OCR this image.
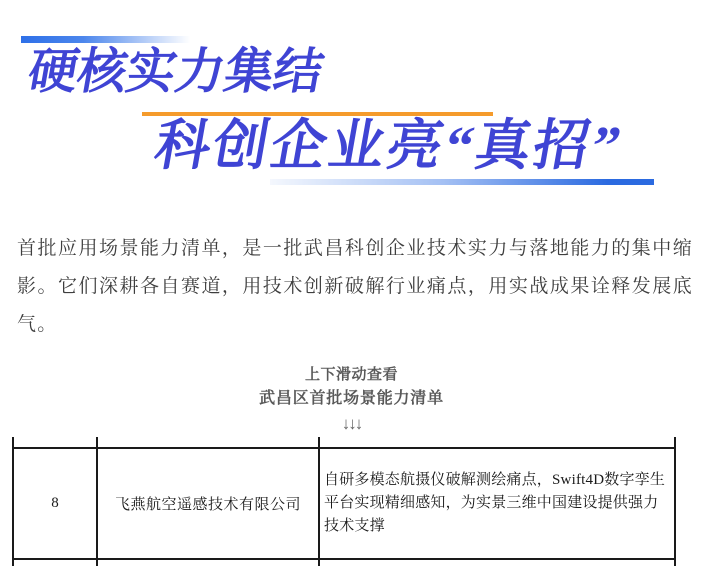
硬核实力集结
科创企业亮“真招”
首批应用场景能力清单，是一批武昌科创企业技术实力与落地能力的集中缩影。它们深耕各自赛道，用技术创新破解行业痛点，用实战成果诠释发展底气。
上下滑动查看
武昌区首批场景能力清单
↓↓↓

8	飞燕航空遥感技术有限公司	自研多模态航摄仪破解测绘痛点，Swift4D数字孪生平台实现精细感知，为实景三维中国建设提供强力技术支撑
